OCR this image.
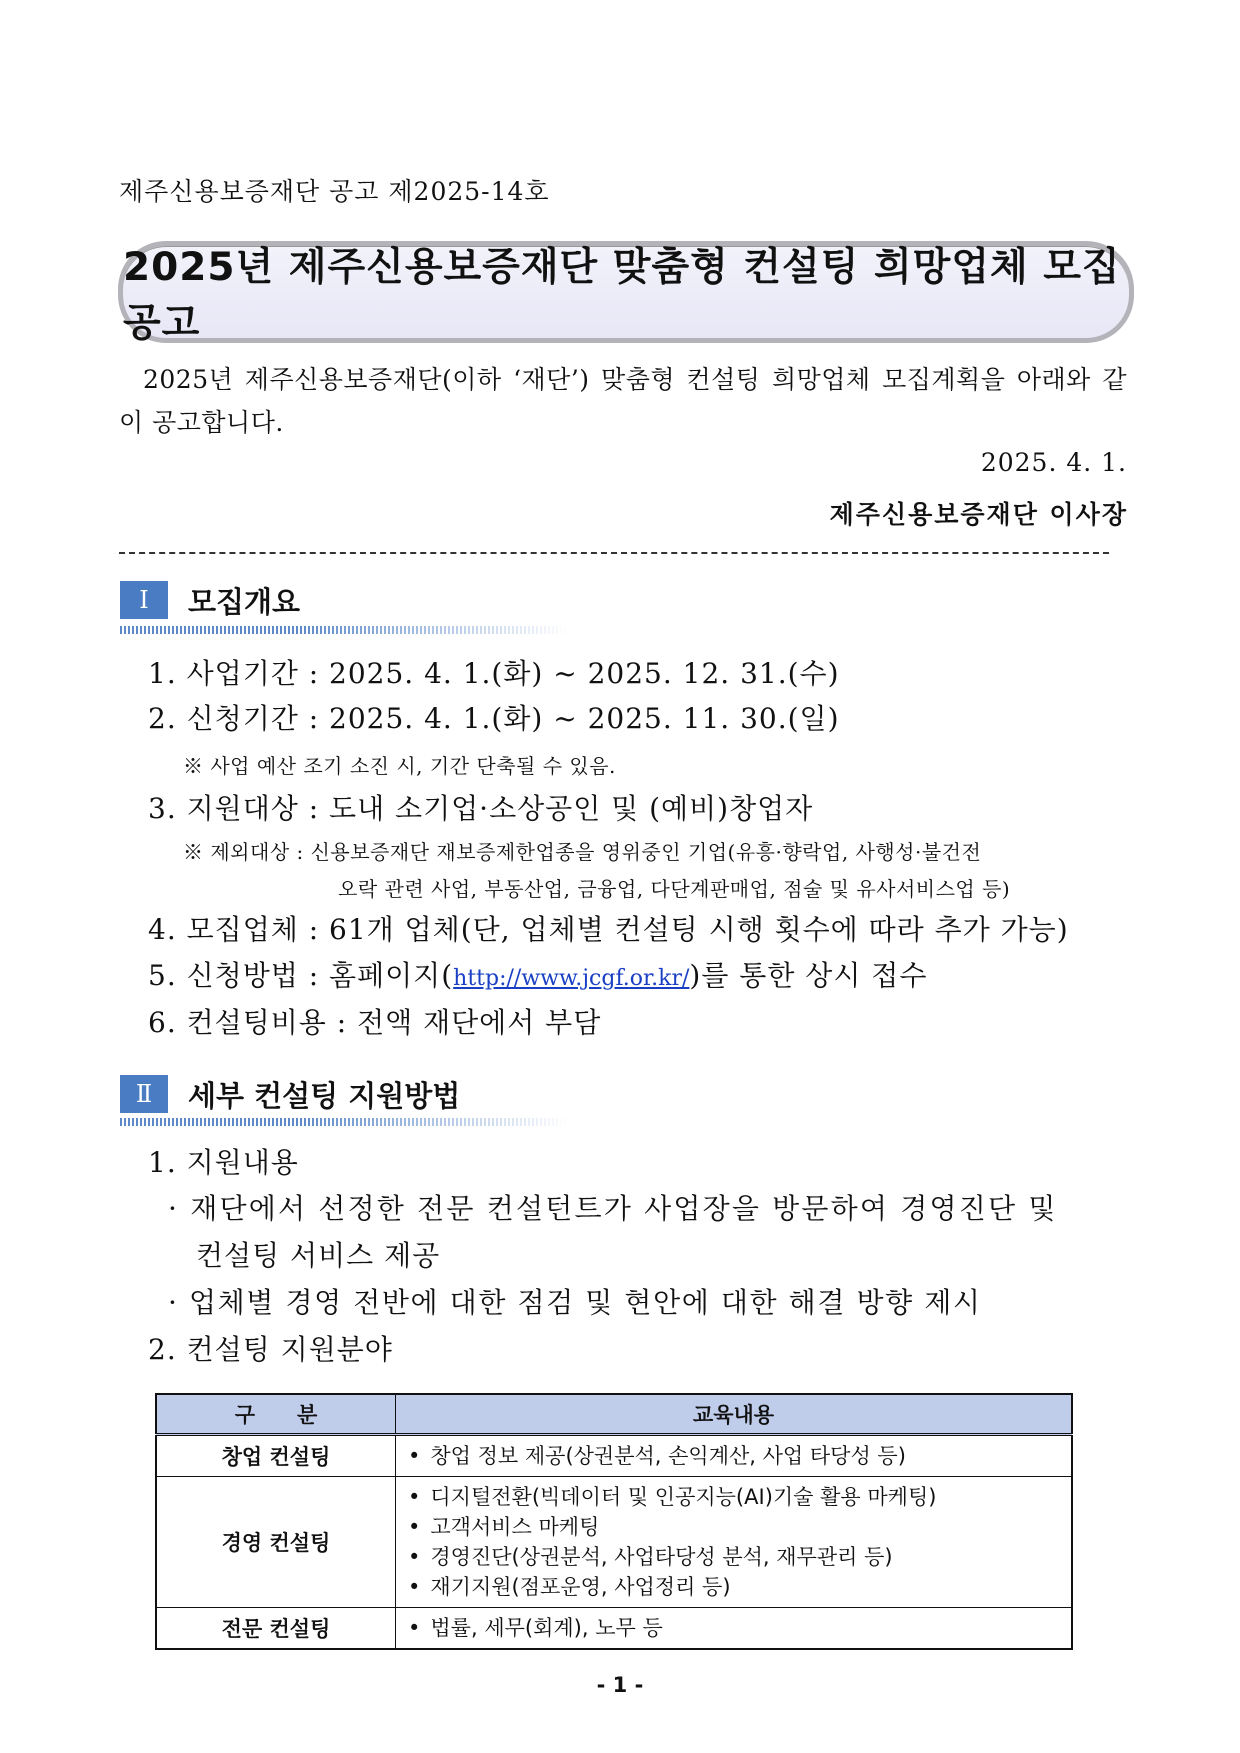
제주신용보증재단 공고 제2025-14호
2025년 제주신용보증재단 맞춤형 컨설팅 희망업체 모집 공고
2025년 제주신용보증재단(이하 ‘재단’) 맞춤형 컨설팅 희망업체 모집계획을 아래와 같이 공고합니다.
2025. 4. 1.
제주신용보증재단 이사장
Ⅰ	모집개요
1. 사업기간 : 2025. 4. 1.(화) ~ 2025. 12. 31.(수)
2. 신청기간 : 2025. 4. 1.(화) ~ 2025. 11. 30.(일)
※ 사업 예산 조기 소진 시, 기간 단축될 수 있음.
3. 지원대상 : 도내 소기업·소상공인 및 (예비)창업자
※ 제외대상 : 신용보증재단 재보증제한업종을 영위중인 기업(유흥·향락업, 사행성·불건전
오락 관련 사업, 부동산업, 금융업, 다단계판매업, 점술 및 유사서비스업 등)
4. 모집업체 : 61개 업체(단, 업체별 컨설팅 시행 횟수에 따라 추가 가능)
5. 신청방법 : 홈페이지(http://www.jcgf.or.kr/)를 통한 상시 접수
6. 컨설팅비용 : 전액 재단에서 부담
Ⅱ	세부 컨설팅 지원방법
1. 지원내용
· 재단에서 선정한 전문 컨설턴트가 사업장을 방문하여 경영진단 및
컨설팅 서비스 제공
· 업체별 경영 전반에 대한 점검 및 현안에 대한 해결 방향 제시
2. 컨설팅 지원분야
구　　분	교육내용
창업 컨설팅	• 창업 정보 제공(상권분석, 손익계산, 사업 타당성 등)

경영 컨설팅	• 디지털전환(빅데이터 및 인공지능(AI)기술 활용 마케팅)
• 고객서비스 마케팅
• 경영진단(상권분석, 사업타당성 분석, 재무관리 등)
• 재기지원(점포운영, 사업정리 등)

전문 컨설팅	• 법률, 세무(회계), 노무 등
- 1 -
